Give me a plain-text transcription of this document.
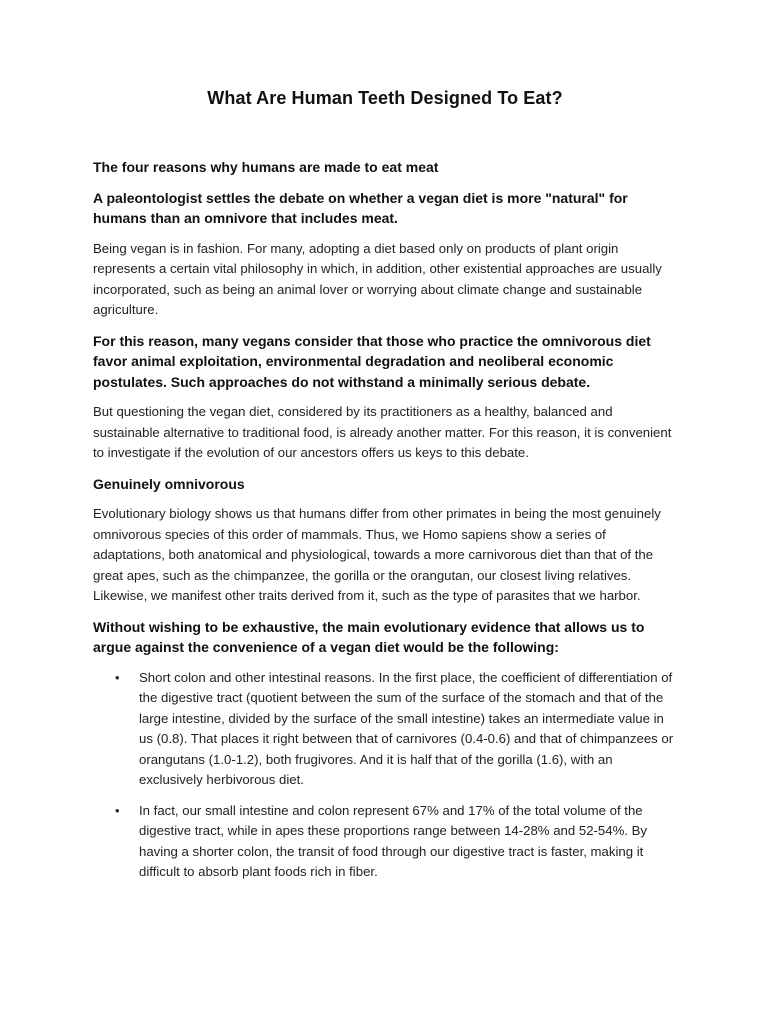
What Are Human Teeth Designed To Eat?

The four reasons why humans are made to eat meat

A paleontologist settles the debate on whether a vegan diet is more "natural" for humans than an omnivore that includes meat.

Being vegan is in fashion. For many, adopting a diet based only on products of plant origin represents a certain vital philosophy in which, in addition, other existential approaches are usually incorporated, such as being an animal lover or worrying about climate change and sustainable agriculture.

For this reason, many vegans consider that those who practice the omnivorous diet favor animal exploitation, environmental degradation and neoliberal economic postulates. Such approaches do not withstand a minimally serious debate.

But questioning the vegan diet, considered by its practitioners as a healthy, balanced and sustainable alternative to traditional food, is already another matter. For this reason, it is convenient to investigate if the evolution of our ancestors offers us keys to this debate.

Genuinely omnivorous

Evolutionary biology shows us that humans differ from other primates in being the most genuinely omnivorous species of this order of mammals. Thus, we Homo sapiens show a series of adaptations, both anatomical and physiological, towards a more carnivorous diet than that of the great apes, such as the chimpanzee, the gorilla or the orangutan, our closest living relatives. Likewise, we manifest other traits derived from it, such as the type of parasites that we harbor.

Without wishing to be exhaustive, the main evolutionary evidence that allows us to argue against the convenience of a vegan diet would be the following:

• Short colon and other intestinal reasons. In the first place, the coefficient of differentiation of the digestive tract (quotient between the sum of the surface of the stomach and that of the large intestine, divided by the surface of the small intestine) takes an intermediate value in us (0.8). That places it right between that of carnivores (0.4-0.6) and that of chimpanzees or orangutans (1.0-1.2), both frugivores. And it is half that of the gorilla (1.6), with an exclusively herbivorous diet.
• In fact, our small intestine and colon represent 67% and 17% of the total volume of the digestive tract, while in apes these proportions range between 14-28% and 52-54%. By having a shorter colon, the transit of food through our digestive tract is faster, making it difficult to absorb plant foods rich in fiber.
